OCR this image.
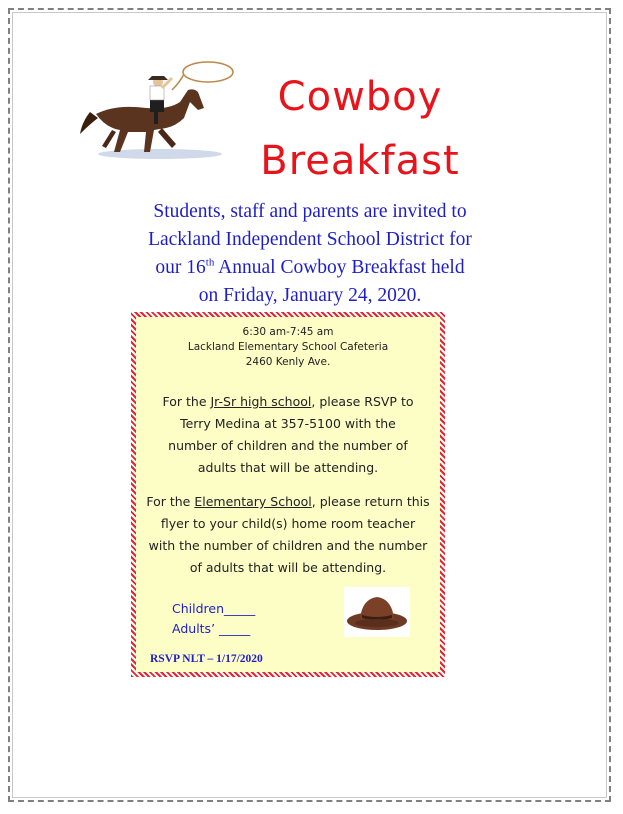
Cowboy
Breakfast
Students, staff and parents are invited to
Lackland Independent School District for
our 16th Annual Cowboy Breakfast held
on Friday, January 24, 2020.
6:30 am-7:45 am
Lackland Elementary School Cafeteria
2460 Kenly Ave.
For the Jr-Sr high school, please RSVP to
Terry Medina at 357-5100 with the
number of children and the number of
adults that will be attending.
For the Elementary School, please return this
flyer to your child(s) home room teacher
with the number of children and the number
of adults that will be attending.
Children_____
Adults’ _____
RSVP NLT – 1/17/2020
